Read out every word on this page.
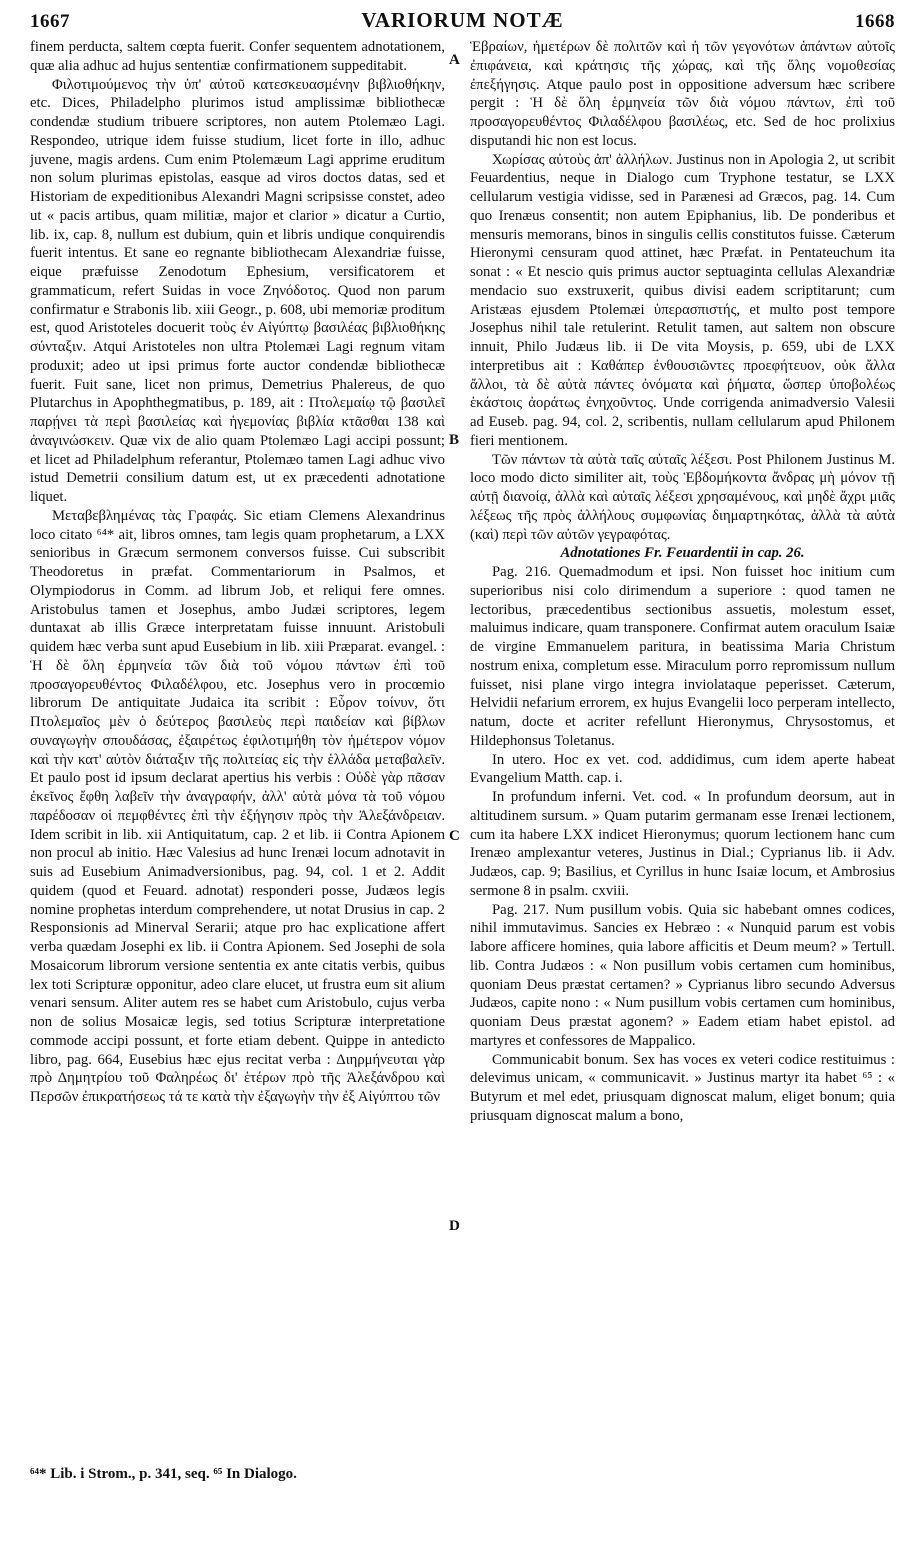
1667	VARIORUM NOTÆ	1668
A
B
C
D

finem perducta, saltem cœpta fuerit. Confer sequentem adnotationem, quæ alia adhuc ad hujus sententiæ confirmationem suppeditabit.

Φιλοτιμούμενος τὴν ὑπ' αὐτοῦ κατεσκευασμένην βιβλιοθήκην, etc. Dices, Philadelpho plurimos istud amplissimæ bibliothecæ condendæ studium tribuere scriptores, non autem Ptolemæo Lagi. Respondeo, utrique idem fuisse studium, licet forte in illo, adhuc juvene, magis ardens. Cum enim Ptolemæum Lagi apprime eruditum non solum plurimas epistolas, easque ad viros doctos datas, sed et Historiam de expeditionibus Alexandri Magni scripsisse constet, adeo ut « pacis artibus, quam militiæ, major et clarior » dicatur a Curtio, lib. ix, cap. 8, nullum est dubium, quin et libris undique conquirendis fuerit intentus. Et sane eo regnante bibliothecam Alexandriæ fuisse, eique præfuisse Zenodotum Ephesium, versificatorem et grammaticum, refert Suidas in voce Ζηνόδοτος. Quod non parum confirmatur e Strabonis lib. xiii Geogr., p. 608, ubi memoriæ proditum est, quod Aristoteles docuerit τοὺς ἐν Αἰγύπτῳ βασιλέας βιβλιοθήκης σύνταξιν. Atqui Aristoteles non ultra Ptolemæi Lagi regnum vitam produxit; adeo ut ipsi primus forte auctor condendæ bibliothecæ fuerit. Fuit sane, licet non primus, Demetrius Phalereus, de quo Plutarchus in Apophthegmatibus, p. 189, ait : Πτολεμαίῳ τῷ βασιλεῖ παρῄνει τὰ περὶ βασιλείας καὶ ἡγεμονίας βιβλία κτᾶσθαι 138 καὶ ἀναγινώσκειν. Quæ vix de alio quam Ptolemæo Lagi accipi possunt; et licet ad Philadelphum referantur, Ptolemæo tamen Lagi adhuc vivo istud Demetrii consilium datum est, ut ex præcedenti adnotatione liquet.

Μεταβεβλημένας τὰς Γραφάς. Sic etiam Clemens Alexandrinus loco citato ⁶⁴* ait, libros omnes, tam legis quam prophetarum, a LXX senioribus in Græcum sermonem conversos fuisse. Cui subscribit Theodoretus in præfat. Commentariorum in Psalmos, et Olympiodorus in Comm. ad librum Job, et reliqui fere omnes. Aristobulus tamen et Josephus, ambo Judæi scriptores, legem duntaxat ab illis Græce interpretatam fuisse innuunt. Aristobuli quidem hæc verba sunt apud Eusebium in lib. xiii Præparat. evangel. : Ἡ δὲ ὅλη ἑρμηνεία τῶν διὰ τοῦ νόμου πάντων ἐπὶ τοῦ προσαγορευθέντος Φιλαδέλφου, etc. Josephus vero in procœmio librorum De antiquitate Judaica ita scribit : Εὗρον τοίνυν, ὅτι Πτολεμαῖος μὲν ὁ δεύτερος βασιλεὺς περὶ παιδείαν καὶ βίβλων συναγωγὴν σπουδάσας, ἐξαιρέτως ἐφιλοτιμήθη τὸν ἡμέτερον νόμον καὶ τὴν κατ' αὐτὸν διάταξιν τῆς πολιτείας εἰς τὴν ἑλλάδα μεταβαλεῖν. Et paulo post id ipsum declarat apertius his verbis : Οὐδὲ γὰρ πᾶσαν ἐκεῖνος ἔφθη λαβεῖν τὴν ἀναγραφήν, ἀλλ' αὐτὰ μόνα τὰ τοῦ νόμου παρέδοσαν οἱ πεμφθέντες ἐπὶ τὴν ἐξήγησιν πρὸς τὴν Ἀλεξάνδρειαν. Idem scribit in lib. xii Antiquitatum, cap. 2 et lib. ii Contra Apionem non procul ab initio. Hæc Valesius ad hunc Irenæi locum adnotavit in suis ad Eusebium Animadversionibus, pag. 94, col. 1 et 2. Addit quidem (quod et Feuard. adnotat) responderi posse, Judæos legis nomine prophetas interdum comprehendere, ut notat Drusius in cap. 2 Responsionis ad Minerval Serarii; atque pro hac explicatione affert verba quædam Josephi ex lib. ii Contra Apionem. Sed Josephi de sola Mosaicorum librorum versione sententia ex ante citatis verbis, quibus lex toti Scripturæ opponitur, adeo clare elucet, ut frustra eum sit alium venari sensum. Aliter autem res se habet cum Aristobulo, cujus verba non de solius Mosaicæ legis, sed totius Scripturæ interpretatione commode accipi possunt, et forte etiam debent. Quippe in antedicto libro, pag. 664, Eusebius hæc ejus recitat verba : Διηρμήνευται γὰρ πρὸ Δημητρίου τοῦ Φαληρέως δι' ἑτέρων πρὸ τῆς Ἀλεξάνδρου καὶ Περσῶν ἐπικρατήσεως τά τε κατὰ τὴν ἐξαγωγὴν τὴν ἐξ Αἰγύπτου τῶν

Ἑβραίων, ἡμετέρων δὲ πολιτῶν καὶ ἡ τῶν γεγονότων ἁπάντων αὐτοῖς ἐπιφάνεια, καὶ κράτησις τῆς χώρας, καὶ τῆς ὅλης νομοθεσίας ἐπεξήγησις. Atque paulo post in oppositione adversum hæc scribere pergit : Ἡ δὲ ὅλη ἑρμηνεία τῶν διὰ νόμου πάντων, ἐπὶ τοῦ προσαγορευθέντος Φιλαδέλφου βασιλέως, etc. Sed de hoc prolixius disputandi hic non est locus.

Χωρίσας αὐτοὺς ἀπ' ἀλλήλων. Justinus non in Apologia 2, ut scribit Feuardentius, neque in Dialogo cum Tryphone testatur, se LXX cellularum vestigia vidisse, sed in Parænesi ad Græcos, pag. 14. Cum quo Irenæus consentit; non autem Epiphanius, lib. De ponderibus et mensuris memorans, binos in singulis cellis constitutos fuisse. Cæterum Hieronymi censuram quod attinet, hæc Præfat. in Pentateuchum ita sonat : « Et nescio quis primus auctor septuaginta cellulas Alexandriæ mendacio suo exstruxerit, quibus divisi eadem scriptitarunt; cum Aristæas ejusdem Ptolemæi ὑπερασπιστής, et multo post tempore Josephus nihil tale retulerint. Retulit tamen, aut saltem non obscure innuit, Philo Judæus lib. ii De vita Moysis, p. 659, ubi de LXX interpretibus ait : Καθάπερ ἐνθουσιῶντες προεφήτευον, οὐκ ἄλλα ἄλλοι, τὰ δὲ αὐτὰ πάντες ὀνόματα καὶ ῥήματα, ὥσπερ ὑποβολέως ἑκάστοις ἀοράτως ἐνηχοῦντος. Unde corrigenda animadversio Valesii ad Euseb. pag. 94, col. 2, scribentis, nullam cellularum apud Philonem fieri mentionem.

Τῶν πάντων τὰ αὐτὰ ταῖς αὐταῖς λέξεσι. Post Philonem Justinus M. loco modo dicto similiter ait, τοὺς Ἑβδομήκοντα ἄνδρας μὴ μόνον τῇ αὐτῇ διανοίᾳ, ἀλλὰ καὶ αὐταῖς λέξεσι χρησαμένους, καὶ μηδὲ ἄχρι μιᾶς λέξεως τῆς πρὸς ἀλλήλους συμφωνίας διημαρτηκότας, ἀλλὰ τὰ αὐτὰ (καὶ) περὶ τῶν αὐτῶν γεγραφότας.

Adnotationes Fr. Feuardentii in cap. 26.

Pag. 216. Quemadmodum et ipsi. Non fuisset hoc initium cum superioribus nisi colo dirimendum a superiore : quod tamen ne lectoribus, præcedentibus sectionibus assuetis, molestum esset, maluimus indicare, quam transponere. Confirmat autem oraculum Isaiæ de virgine Emmanuelem paritura, in beatissima Maria Christum nostrum enixa, completum esse. Miraculum porro repromissum nullum fuisset, nisi plane virgo integra inviolataque peperisset. Cæterum, Helvidii nefarium errorem, ex hujus Evangelii loco perperam intellecto, natum, docte et acriter refellunt Hieronymus, Chrysostomus, et Hildephonsus Toletanus.

In utero. Hoc ex vet. cod. addidimus, cum idem aperte habeat Evangelium Matth. cap. i.

In profundum inferni. Vet. cod. « In profundum deorsum, aut in altitudinem sursum. » Quam putarim germanam esse Irenæi lectionem, cum ita habere LXX indicet Hieronymus; quorum lectionem hanc cum Irenæo amplexantur veteres, Justinus in Dial.; Cyprianus lib. ii Adv. Judæos, cap. 9; Basilius, et Cyrillus in hunc Isaiæ locum, et Ambrosius sermone 8 in psalm. cxviii.

Pag. 217. Num pusillum vobis. Quia sic habebant omnes codices, nihil immutavimus. Sancies ex Hebræo : « Nunquid parum est vobis labore afficere homines, quia labore afficitis et Deum meum? » Tertull. lib. Contra Judæos : « Non pusillum vobis certamen cum hominibus, quoniam Deus præstat certamen? » Cyprianus libro secundo Adversus Judæos, capite nono : « Num pusillum vobis certamen cum hominibus, quoniam Deus præstat agonem? » Eadem etiam habet epistol. ad martyres et confessores de Mappalico.

Communicabit bonum. Sex has voces ex veteri codice restituimus : delevimus unicam, « communicavit. » Justinus martyr ita habet ⁶⁵ : « Butyrum et mel edet, priusquam dignoscat malum, eliget bonum; quia priusquam dignoscat malum a bono,

⁶⁴* Lib. i Strom., p. 341, seq. ⁶⁵ In Dialogo.
